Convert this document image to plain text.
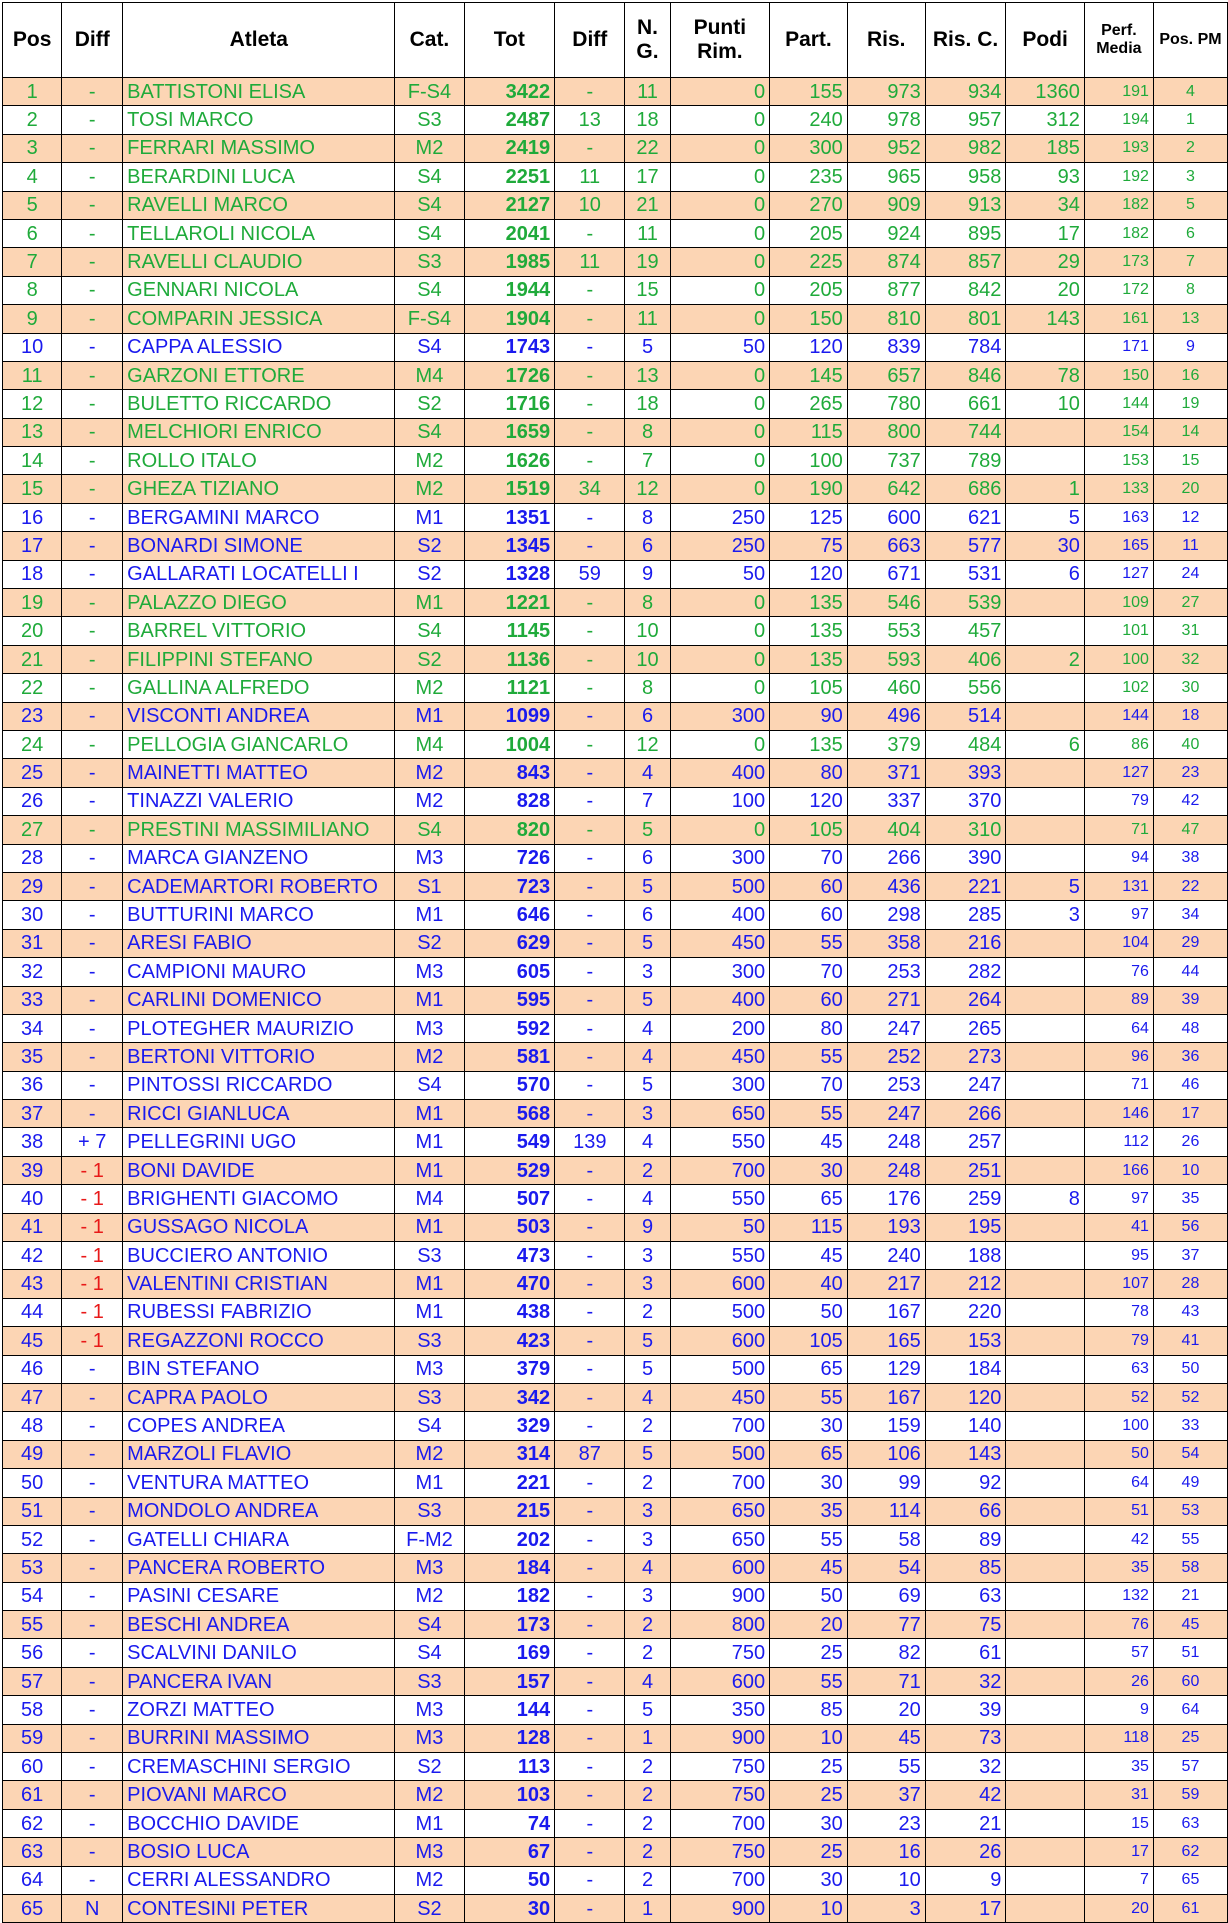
Pos	Diff	Atleta	Cat.	Tot	Diff	N. G.	Punti Rim.	Part.	Ris.	Ris. C.	Podi	Perf. Media	Pos. PM
1	-	BATTISTONI ELISA	F-S4	3422	-	11	0	155	973	934	1360	191	4
2	-	TOSI MARCO	S3	2487	13	18	0	240	978	957	312	194	1
3	-	FERRARI MASSIMO	M2	2419	-	22	0	300	952	982	185	193	2
4	-	BERARDINI LUCA	S4	2251	11	17	0	235	965	958	93	192	3
5	-	RAVELLI MARCO	S4	2127	10	21	0	270	909	913	34	182	5
6	-	TELLAROLI NICOLA	S4	2041	-	11	0	205	924	895	17	182	6
7	-	RAVELLI CLAUDIO	S3	1985	11	19	0	225	874	857	29	173	7
8	-	GENNARI NICOLA	S4	1944	-	15	0	205	877	842	20	172	8
9	-	COMPARIN JESSICA	F-S4	1904	-	11	0	150	810	801	143	161	13
10	-	CAPPA ALESSIO	S4	1743	-	5	50	120	839	784		171	9
11	-	GARZONI ETTORE	M4	1726	-	13	0	145	657	846	78	150	16
12	-	BULETTO RICCARDO	S2	1716	-	18	0	265	780	661	10	144	19
13	-	MELCHIORI ENRICO	S4	1659	-	8	0	115	800	744		154	14
14	-	ROLLO ITALO	M2	1626	-	7	0	100	737	789		153	15
15	-	GHEZA TIZIANO	M2	1519	34	12	0	190	642	686	1	133	20
16	-	BERGAMINI MARCO	M1	1351	-	8	250	125	600	621	5	163	12
17	-	BONARDI SIMONE	S2	1345	-	6	250	75	663	577	30	165	11
18	-	GALLARATI LOCATELLI I	S2	1328	59	9	50	120	671	531	6	127	24
19	-	PALAZZO DIEGO	M1	1221	-	8	0	135	546	539		109	27
20	-	BARREL VITTORIO	S4	1145	-	10	0	135	553	457		101	31
21	-	FILIPPINI STEFANO	S2	1136	-	10	0	135	593	406	2	100	32
22	-	GALLINA ALFREDO	M2	1121	-	8	0	105	460	556		102	30
23	-	VISCONTI ANDREA	M1	1099	-	6	300	90	496	514		144	18
24	-	PELLOGIA GIANCARLO	M4	1004	-	12	0	135	379	484	6	86	40
25	-	MAINETTI MATTEO	M2	843	-	4	400	80	371	393		127	23
26	-	TINAZZI VALERIO	M2	828	-	7	100	120	337	370		79	42
27	-	PRESTINI MASSIMILIANO	S4	820	-	5	0	105	404	310		71	47
28	-	MARCA GIANZENO	M3	726	-	6	300	70	266	390		94	38
29	-	CADEMARTORI ROBERTO	S1	723	-	5	500	60	436	221	5	131	22
30	-	BUTTURINI MARCO	M1	646	-	6	400	60	298	285	3	97	34
31	-	ARESI FABIO	S2	629	-	5	450	55	358	216		104	29
32	-	CAMPIONI MAURO	M3	605	-	3	300	70	253	282		76	44
33	-	CARLINI DOMENICO	M1	595	-	5	400	60	271	264		89	39
34	-	PLOTEGHER MAURIZIO	M3	592	-	4	200	80	247	265		64	48
35	-	BERTONI VITTORIO	M2	581	-	4	450	55	252	273		96	36
36	-	PINTOSSI RICCARDO	S4	570	-	5	300	70	253	247		71	46
37	-	RICCI GIANLUCA	M1	568	-	3	650	55	247	266		146	17
38	+ 7	PELLEGRINI UGO	M1	549	139	4	550	45	248	257		112	26
39	- 1	BONI DAVIDE	M1	529	-	2	700	30	248	251		166	10
40	- 1	BRIGHENTI GIACOMO	M4	507	-	4	550	65	176	259	8	97	35
41	- 1	GUSSAGO NICOLA	M1	503	-	9	50	115	193	195		41	56
42	- 1	BUCCIERO ANTONIO	S3	473	-	3	550	45	240	188		95	37
43	- 1	VALENTINI CRISTIAN	M1	470	-	3	600	40	217	212		107	28
44	- 1	RUBESSI FABRIZIO	M1	438	-	2	500	50	167	220		78	43
45	- 1	REGAZZONI ROCCO	S3	423	-	5	600	105	165	153		79	41
46	-	BIN STEFANO	M3	379	-	5	500	65	129	184		63	50
47	-	CAPRA PAOLO	S3	342	-	4	450	55	167	120		52	52
48	-	COPES ANDREA	S4	329	-	2	700	30	159	140		100	33
49	-	MARZOLI FLAVIO	M2	314	87	5	500	65	106	143		50	54
50	-	VENTURA MATTEO	M1	221	-	2	700	30	99	92		64	49
51	-	MONDOLO ANDREA	S3	215	-	3	650	35	114	66		51	53
52	-	GATELLI CHIARA	F-M2	202	-	3	650	55	58	89		42	55
53	-	PANCERA ROBERTO	M3	184	-	4	600	45	54	85		35	58
54	-	PASINI CESARE	M2	182	-	3	900	50	69	63		132	21
55	-	BESCHI ANDREA	S4	173	-	2	800	20	77	75		76	45
56	-	SCALVINI DANILO	S4	169	-	2	750	25	82	61		57	51
57	-	PANCERA IVAN	S3	157	-	4	600	55	71	32		26	60
58	-	ZORZI MATTEO	M3	144	-	5	350	85	20	39		9	64
59	-	BURRINI MASSIMO	M3	128	-	1	900	10	45	73		118	25
60	-	CREMASCHINI SERGIO	S2	113	-	2	750	25	55	32		35	57
61	-	PIOVANI MARCO	M2	103	-	2	750	25	37	42		31	59
62	-	BOCCHIO DAVIDE	M1	74	-	2	700	30	23	21		15	63
63	-	BOSIO LUCA	M3	67	-	2	750	25	16	26		17	62
64	-	CERRI ALESSANDRO	M2	50	-	2	700	30	10	9		7	65
65	N	CONTESINI PETER	S2	30	-	1	900	10	3	17		20	61
